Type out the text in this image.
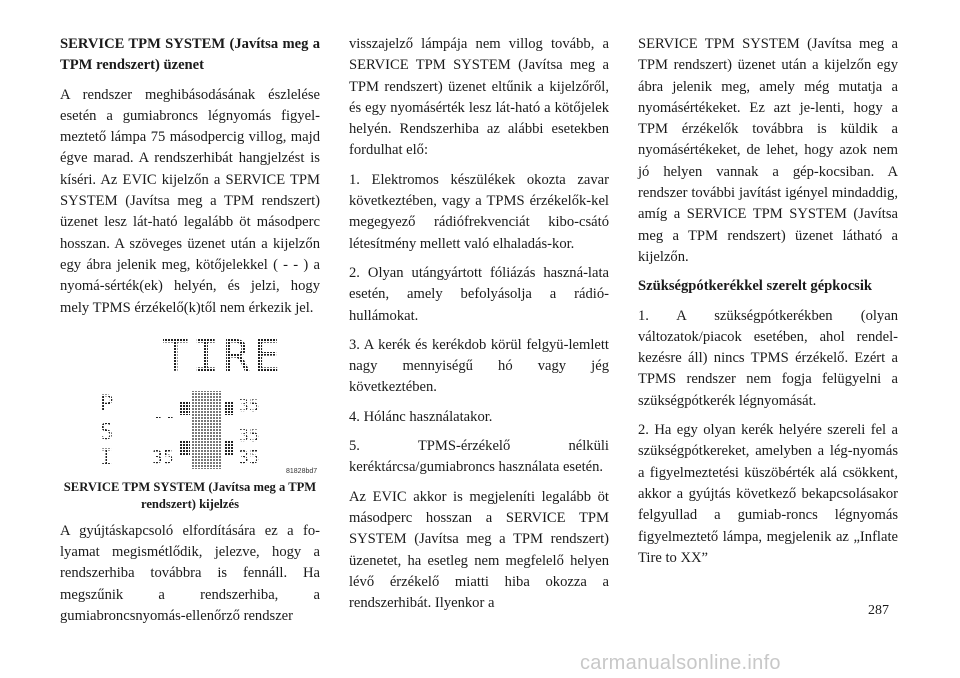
SERVICE TPM SYSTEM (Javítsa meg a TPM rendszert) üzenet

A rendszer meghibásodásának észlelése esetén a gumiabroncs légnyomás figyel-meztető lámpa 75 másodpercig villog, majd égve marad. A rendszerhibát hangjelzést is kíséri. Az EVIC kijelzőn a SERVICE TPM SYSTEM (Javítsa meg a TPM rendszert) üzenet lesz lát-ható legalább öt másodperc hosszan. A szöveges üzenet után a kijelzőn egy ábra jelenik meg, kötőjelekkel ( - - ) a nyomá-sérték(ek) helyén, és jelzi, hogy mely TPMS érzékelő(k)től nem érkezik jel.

TIRE
P
S
I
--	35
35
35
35
81828bd7

SERVICE TPM SYSTEM (Javítsa meg a TPM rendszert) kijelzés

A gyújtáskapcsoló elfordítására ez a fo-lyamat megismétlődik, jelezve, hogy a rendszerhiba továbbra is fennáll. Ha megszűnik a rendszerhiba, a gumiabroncsnyomás-ellenőrző rendszer

visszajelző lámpája nem villog tovább, a SERVICE TPM SYSTEM (Javítsa meg a TPM rendszert) üzenet eltűnik a kijelzőről, és egy nyomásérték lesz lát-ható a kötőjelek helyén. Rendszerhiba az alábbi esetekben fordulhat elő:

1. Elektromos készülékek okozta zavar következtében, vagy a TPMS érzékelők-kel megegyező rádiófrekvenciát kibo-csátó létesítmény mellett való elhaladás-kor.

2. Olyan utángyártott fóliázás haszná-lata esetén, amely befolyásolja a rádió-hullámokat.

3. A kerék és kerékdob körül felgyü-lemlett nagy mennyiségű hó vagy jég következtében.

4. Hólánc használatakor.

5. TPMS-érzékelő nélküli keréktárcsa/gumiabroncs használata esetén.

Az EVIC akkor is megjeleníti legalább öt másodperc hosszan a SERVICE TPM SYSTEM (Javítsa meg a TPM rendszert) üzenetet, ha esetleg nem megfelelő helyen lévő érzékelő miatti hiba okozza a rendszerhibát. Ilyenkor a

SERVICE TPM SYSTEM (Javítsa meg a TPM rendszert) üzenet után a kijelzőn egy ábra jelenik meg, amely még mutatja a nyomásértékeket. Ez azt je-lenti, hogy a TPM érzékelők továbbra is küldik a nyomásértékeket, de lehet, hogy azok nem jó helyen vannak a gép-kocsiban. A rendszer további javítást igényel mindaddig, amíg a SERVICE TPM SYSTEM (Javítsa meg a TPM rendszert) üzenet látható a kijelzőn.

Szükségpótkerékkel szerelt gépkocsik

1. A szükségpótkerékben (olyan változatok/piacok esetében, ahol rendel-kezésre áll) nincs TPMS érzékelő. Ezért a TPMS rendszer nem fogja felügyelni a szükségpótkerék légnyomását.

2. Ha egy olyan kerék helyére szereli fel a szükségpótkereket, amelyben a lég-nyomás a figyelmeztetési küszöbérték alá csökkent, akkor a gyújtás következő bekapcsolásakor felgyullad a gumiab-roncs légnyomás figyelmeztető lámpa, megjelenik az „Inflate Tire to XX”

287
carmanualsonline.info
